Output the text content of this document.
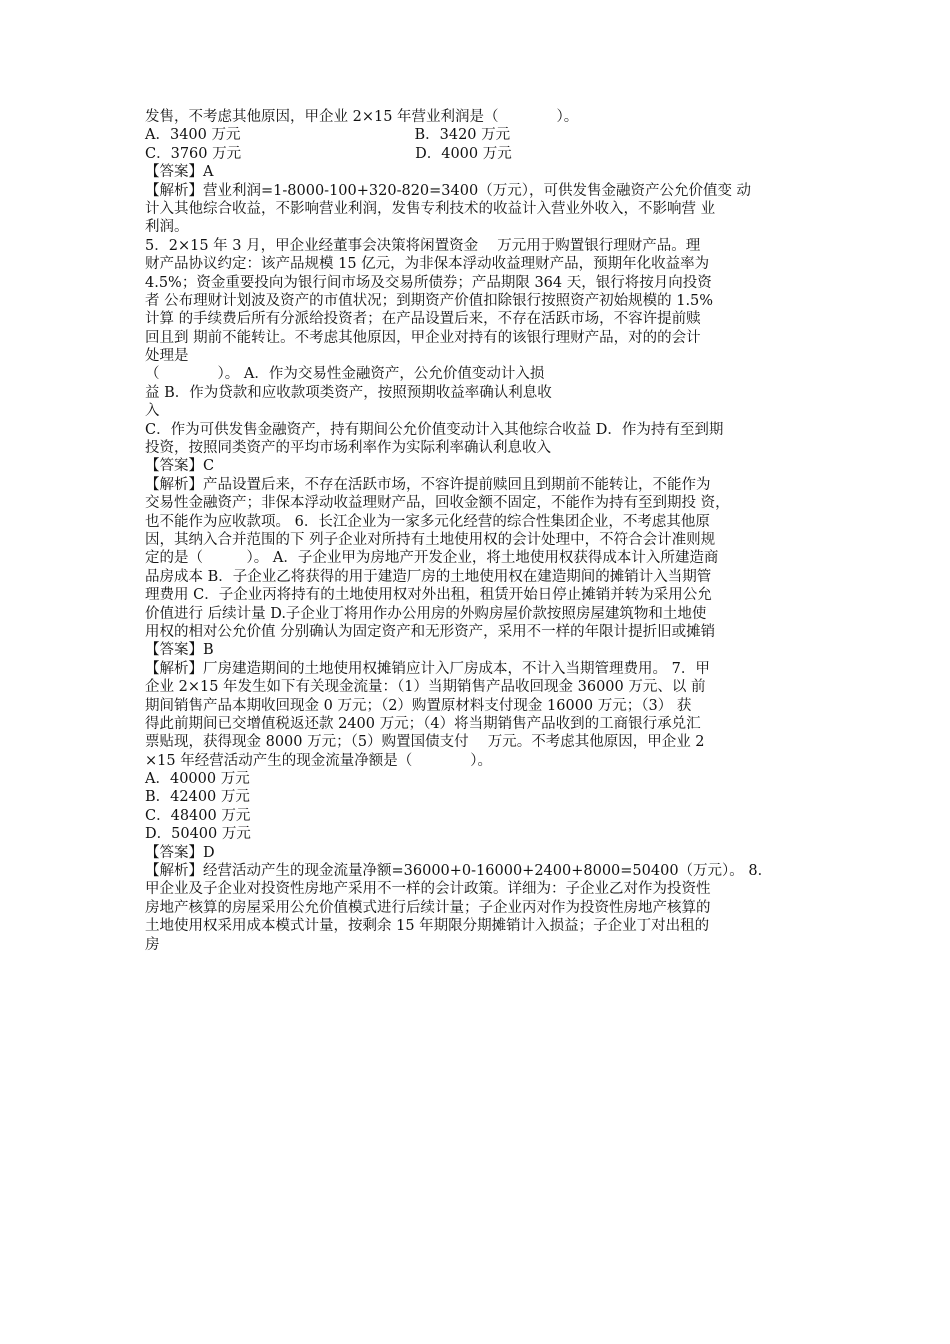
发售，不考虑其他原因，甲企业 2×15 年营业利润是（　　　　）。
A．3400 万元　　　　　　　　　　　　B．3420 万元
C．3760 万元　　　　　　　　　　　　D．4000 万元
【答案】A
【解析】营业利润=1-8000-100+320-820=3400（万元），可供发售金融资产公允价值变 动
计入其他综合收益，不影响营业利润，发售专利技术的收益计入营业外收入，不影响营 业
利润。
5．2×15 年 3 月，甲企业经董事会决策将闲置资金　 万元用于购置银行理财产品。理
财产品协议约定：该产品规模 15 亿元，为非保本浮动收益理财产品，预期年化收益率为
4.5%；资金重要投向为银行间市场及交易所债券；产品期限 364 天，银行将按月向投资
者 公布理财计划波及资产的市值状况；到期资产价值扣除银行按照资产初始规模的 1.5%
计算 的手续费后所有分派给投资者；在产品设置后来，不存在活跃市场，不容许提前赎
回且到 期前不能转让。不考虑其他原因，甲企业对持有的该银行理财产品，对的的会计
处理是
（　　　　）。 A．作为交易性金融资产，公允价值变动计入损
益 B．作为贷款和应收款项类资产，按照预期收益率确认利息收
入
C．作为可供发售金融资产，持有期间公允价值变动计入其他综合收益 D．作为持有至到期
投资，按照同类资产的平均市场利率作为实际利率确认利息收入
【答案】C
【解析】产品设置后来，不存在活跃市场，不容许提前赎回且到期前不能转让，不能作为
交易性金融资产；非保本浮动收益理财产品，回收金额不固定，不能作为持有至到期投 资，
也不能作为应收款项。 6．长江企业为一家多元化经营的综合性集团企业，不考虑其他原
因，其纳入合并范围的下 列子企业对所持有土地使用权的会计处理中，不符合会计准则规
定的是（　　　）。 A．子企业甲为房地产开发企业，将土地使用权获得成本计入所建造商
品房成本 B．子企业乙将获得的用于建造厂房的土地使用权在建造期间的摊销计入当期管
理费用 C．子企业丙将持有的土地使用权对外出租，租赁开始日停止摊销并转为采用公允
价值进行 后续计量 D.子企业丁将用作办公用房的外购房屋价款按照房屋建筑物和土地使
用权的相对公允价值 分别确认为固定资产和无形资产，采用不一样的年限计提折旧或摊销
【答案】B
【解析】厂房建造期间的土地使用权摊销应计入厂房成本，不计入当期管理费用。 7．甲
企业 2×15 年发生如下有关现金流量：（1）当期销售产品收回现金 36000 万元、以 前
期间销售产品本期收回现金 0 万元；（2）购置原材料支付现金 16000 万元；（3） 获
得此前期间已交增值税返还款 2400 万元；（4）将当期销售产品收到的工商银行承兑汇
票贴现，获得现金 8000 万元；（5）购置国债支付　 万元。不考虑其他原因，甲企业 2
×15 年经营活动产生的现金流量净额是（　　　　）。
A．40000 万元
B．42400 万元
C．48400 万元
D．50400 万元
【答案】D
【解析】经营活动产生的现金流量净额=36000+0-16000+2400+8000=50400（万元）。 8．
甲企业及子企业对投资性房地产采用不一样的会计政策。详细为：子企业乙对作为投资性
房地产核算的房屋采用公允价值模式进行后续计量；子企业丙对作为投资性房地产核算的
土地使用权采用成本模式计量，按剩余 15 年期限分期摊销计入损益；子企业丁对出租的
房
